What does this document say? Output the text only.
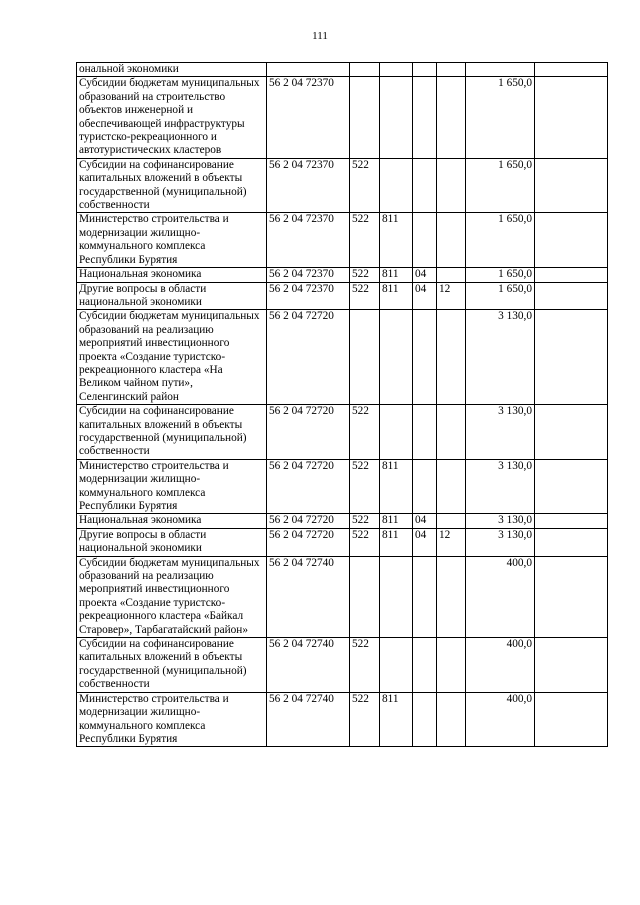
111
ональной экономики							
Субсидии бюджетам муниципальных образований на строительство объектов инженерной и обеспечивающей инфраструктуры туристско-рекреационного и автотуристических кластеров	56 2 04 72370					1 650,0	
Субсидии на софинансирование капитальных вложений в объекты государственной (муниципальной) собственности	56 2 04 72370	522				1 650,0	
Министерство строительства и модернизации жилищно-коммунального комплекса Республики Бурятия	56 2 04 72370	522	811			1 650,0	
Национальная экономика	56 2 04 72370	522	811	04		1 650,0	
Другие вопросы в области национальной экономики	56 2 04 72370	522	811	04	12	1 650,0	
Субсидии бюджетам муниципальных образований на реализацию мероприятий инвестиционного проекта «Создание туристско-рекреационного кластера «На Великом чайном пути», Селенгинский район	56 2 04 72720					3 130,0	
Субсидии на софинансирование капитальных вложений в объекты государственной (муниципальной) собственности	56 2 04 72720	522				3 130,0	
Министерство строительства и модернизации жилищно-коммунального комплекса Республики Бурятия	56 2 04 72720	522	811			3 130,0	
Национальная экономика	56 2 04 72720	522	811	04		3 130,0	
Другие вопросы в области национальной экономики	56 2 04 72720	522	811	04	12	3 130,0	
Субсидии бюджетам муниципальных образований на реализацию мероприятий инвестиционного проекта «Создание туристско-рекреационного кластера «Байкал Старовер», Тарбагатайский район»	56 2 04 72740					400,0	
Субсидии на софинансирование капитальных вложений в объекты государственной (муниципальной) собственности	56 2 04 72740	522				400,0	
Министерство строительства и модернизации жилищно-коммунального комплекса Республики Бурятия	56 2 04 72740	522	811			400,0	
